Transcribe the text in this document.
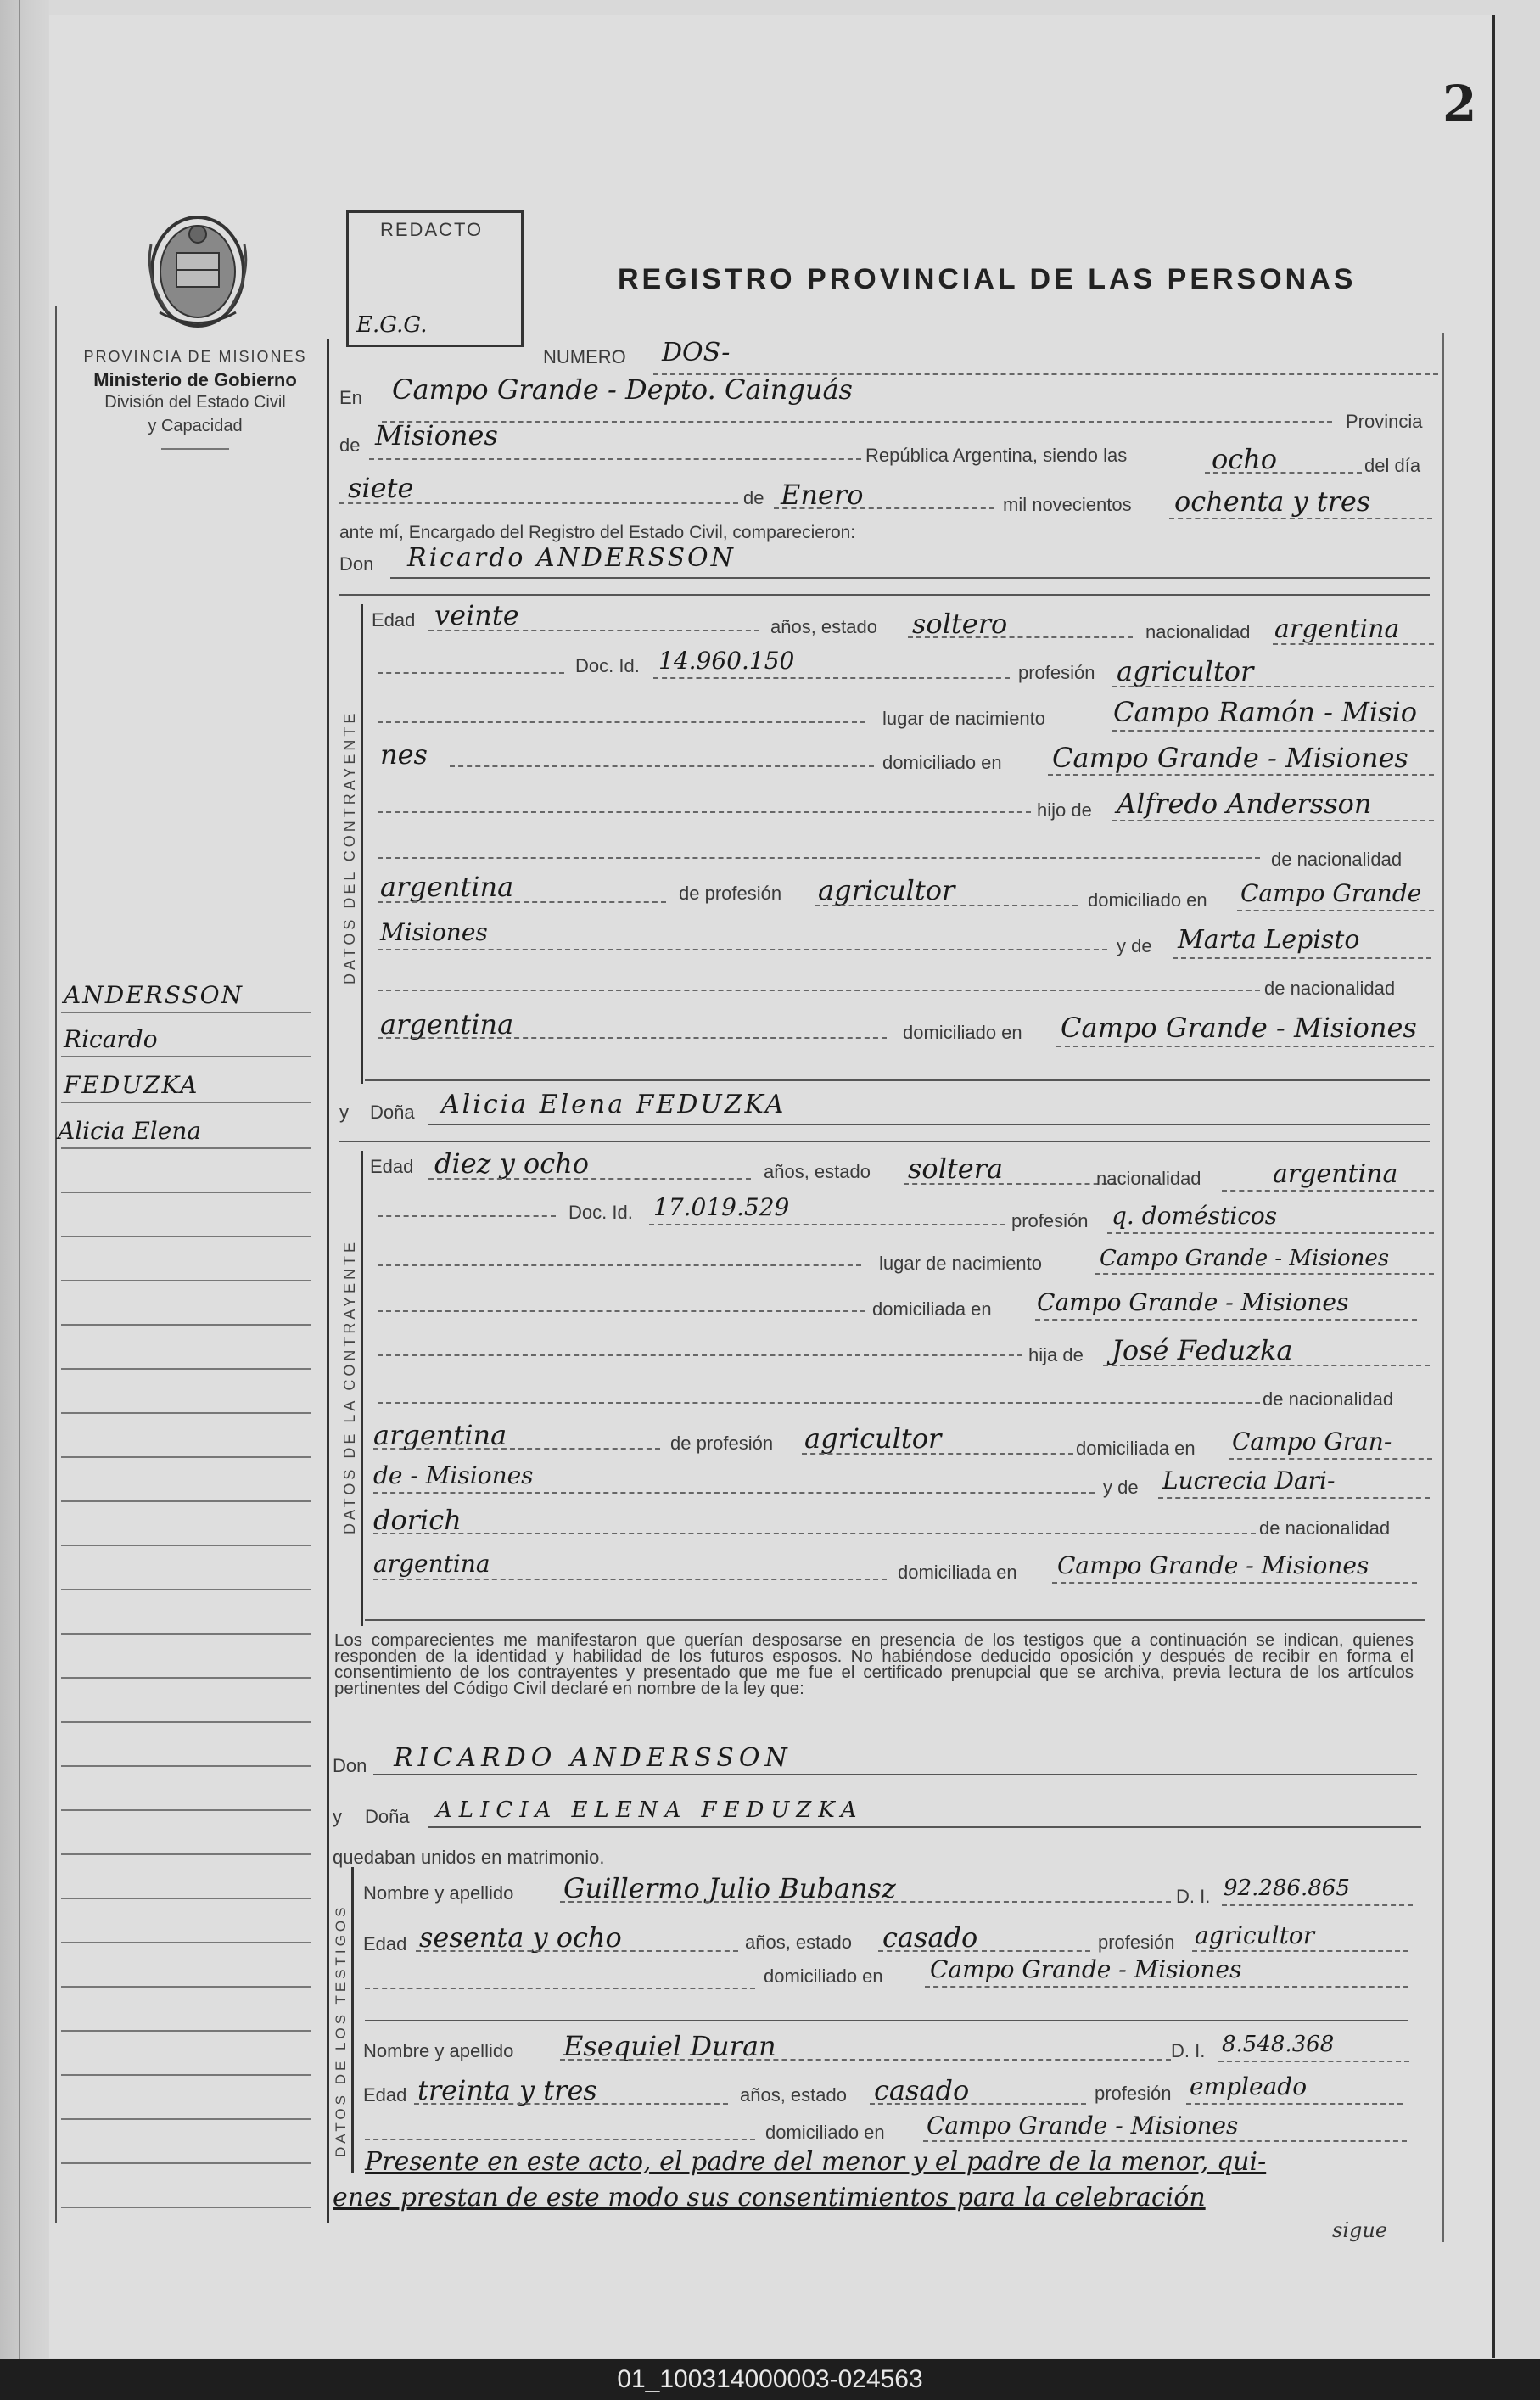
2
PROVINCIA DE MISIONES
Ministerio de Gobierno
División del Estado Civil
y Capacidad
REDACTO
E.G.G.
REGISTRO PROVINCIAL DE LAS PERSONAS
NUMERO DOS-
En Campo Grande - Depto. Cainguás
Provincia
de Misiones
República Argentina, siendo las	ocho	del día
siete	de Enero	mil novecientos ochenta y tres
ante mí, Encargado del Registro del Estado Civil, comparecieron:
Don Ricardo ANDERSSON
ANDERSSON
Ricardo
FEDUZKA
Alicia Elena
DATOS DEL CONTRAYENTE
Edad veinte	años, estado soltero	nacionalidad argentina
Doc. Id. 14.960.150	profesión agricultor
lugar de nacimiento Campo Ramón - Misio
nes	domiciliado en Campo Grande - Misiones
hijo de Alfredo Andersson
de nacionalidad
argentina	de profesión agricultor	domiciliado en Campo Grande
Misiones	y de Marta Lepisto
de nacionalidad
argentina	domiciliado en Campo Grande - Misiones
y Doña Alicia Elena FEDUZKA
DATOS DE LA CONTRAYENTE
Edad diez y ocho	años, estado soltera	nacionalidad	argentina
Doc. Id. 17.019.529	profesión q. domésticos
lugar de nacimiento	Campo Grande - Misiones
domiciliada en Campo Grande - Misiones
hija de José Feduzka
de nacionalidad
argentina	de profesión agricultor	domiciliada en Campo Gran-
de - Misiones	y de Lucrecia Dari-
dorich	de nacionalidad
argentina	domiciliada en Campo Grande - Misiones
Los comparecientes me manifestaron que querían desposarse en presencia de los testigos que a continuación se indican, quienes responden de la identidad y habilidad de los futuros esposos. No habiéndose deducido oposición y después de recibir en forma el consentimiento de los contrayentes y presentado que me fue el certificado prenupcial que se archiva, previa lectura de los artículos pertinentes del Código Civil declaré en nombre de la ley que:
Don RICARDO ANDERSSON
y Doña ALICIA ELENA FEDUZKA
quedaban unidos en matrimonio.
DATOS DE LOS TESTIGOS
Nombre y apellido Guillermo Julio Bubansz	D. I. 92.286.865
Edad sesenta y ocho	años, estado casado	profesión agricultor
domiciliado en Campo Grande - Misiones
Nombre y apellido Esequiel Duran	D. I. 8.548.368
Edad treinta y tres	años, estado casado	profesión empleado
domiciliado en Campo Grande - Misiones
Presente en este acto, el padre del menor y el padre de la menor, qui-
enes prestan de este modo sus consentimientos para la celebración
sigue
01_100314000003-024563
